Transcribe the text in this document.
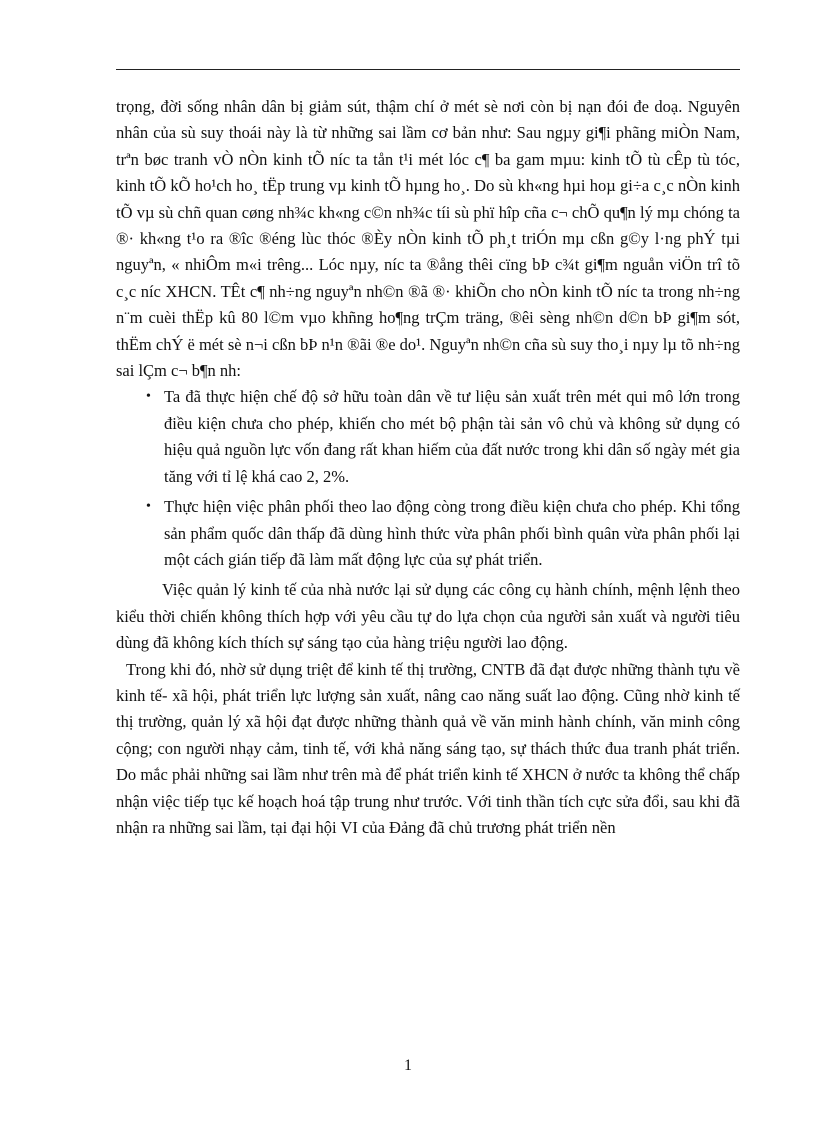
trọng, đời sống nhân dân bị giảm sút, thậm chí ở mét sè nơi còn bị nạn đói đe doạ. Nguyên nhân của sù suy thoái này là từ những sai lầm cơ bản như: Sau ngµy gi¶i phãng miÒn Nam, trªn bøc tranh vÒ nÒn kinh tÕ níc ta tån t¹i mét lóc c¶ ba gam mµu: kinh tÕ tù cÊp tù tóc, kinh tÕ kÕ ho¹ch ho¸ tËp trung vµ kinh tÕ hµng ho¸. Do sù kh«ng hµi hoµ gi÷a c¸c nÒn kinh tÕ vµ sù chñ quan cøng nh¾c kh«ng c©n nh¾c tíi sù phï hîp cña c¬ chÕ qu¶n lý mµ chóng ta ®· kh«ng t¹o ra ®îc ®éng lùc thóc ®Èy nÒn kinh tÕ ph¸t triÓn mµ cßn g©y l·ng phÝ tµi nguyªn, « nhiÔm m«i trêng... Lóc nµy, níc ta ®ång thêi cïng bÞ c¾t gi¶m nguån viÖn trî tõ c¸c níc XHCN. TÊt c¶ nh÷ng nguyªn nh©n ®ã ®· khiÕn cho nÒn kinh tÕ níc ta trong nh÷ng n¨m cuèi thËp kû 80 l©m vµo khñng ho¶ng trÇm träng, ®êi sèng nh©n d©n bÞ gi¶m sót, thËm chÝ ë mét sè n¬i cßn bÞ n¹n ®ãi ®e do¹. Nguyªn nh©n cña sù suy tho¸i nµy lµ tõ nh÷ng sai lÇm c¬ b¶n nh:

• Ta đã thực hiện chế độ sở hữu toàn dân về tư liệu sản xuất trên mét qui mô lớn trong điều kiện chưa cho phép, khiến cho mét bộ phận tài sản vô chủ và không sử dụng có hiệu quả nguồn lực vốn đang rất khan hiếm của đất nước trong khi dân số ngày mét gia tăng với tỉ lệ khá cao 2, 2%.
• Thực hiện việc phân phối theo lao động còng trong điều kiện chưa cho phép. Khi tổng sản phẩm quốc dân thấp đã dùng hình thức vừa phân phối bình quân vừa phân phối lại một cách gián tiếp đã làm mất động lực của sự phát triển.

Việc quản lý kinh tế của nhà nước lại sử dụng các công cụ hành chính, mệnh lệnh theo kiểu thời chiến không thích hợp với yêu cầu tự do lựa chọn của người sản xuất và người tiêu dùng đã không kích thích sự sáng tạo của hàng triệu người lao động.

Trong khi đó, nhờ sử dụng triệt để kinh tế thị trường, CNTB đã đạt được những thành tựu về kinh tế- xã hội, phát triển lực lượng sản xuất, nâng cao năng suất lao động. Cũng nhờ kinh tế thị trường, quản lý xã hội đạt được những thành quả về văn minh hành chính, văn minh công cộng; con người nhạy cảm, tinh tế, với khả năng sáng tạo, sự thách thức đua tranh phát triển. Do mắc phải những sai lầm như trên mà để phát triển kinh tế XHCN ở nước ta không thể chấp nhận việc tiếp tục kế hoạch hoá tập trung như trước. Với tinh thần tích cực sửa đổi, sau khi đã nhận ra những sai lầm, tại đại hội VI của Đảng đã chủ trương phát triển nền

1
